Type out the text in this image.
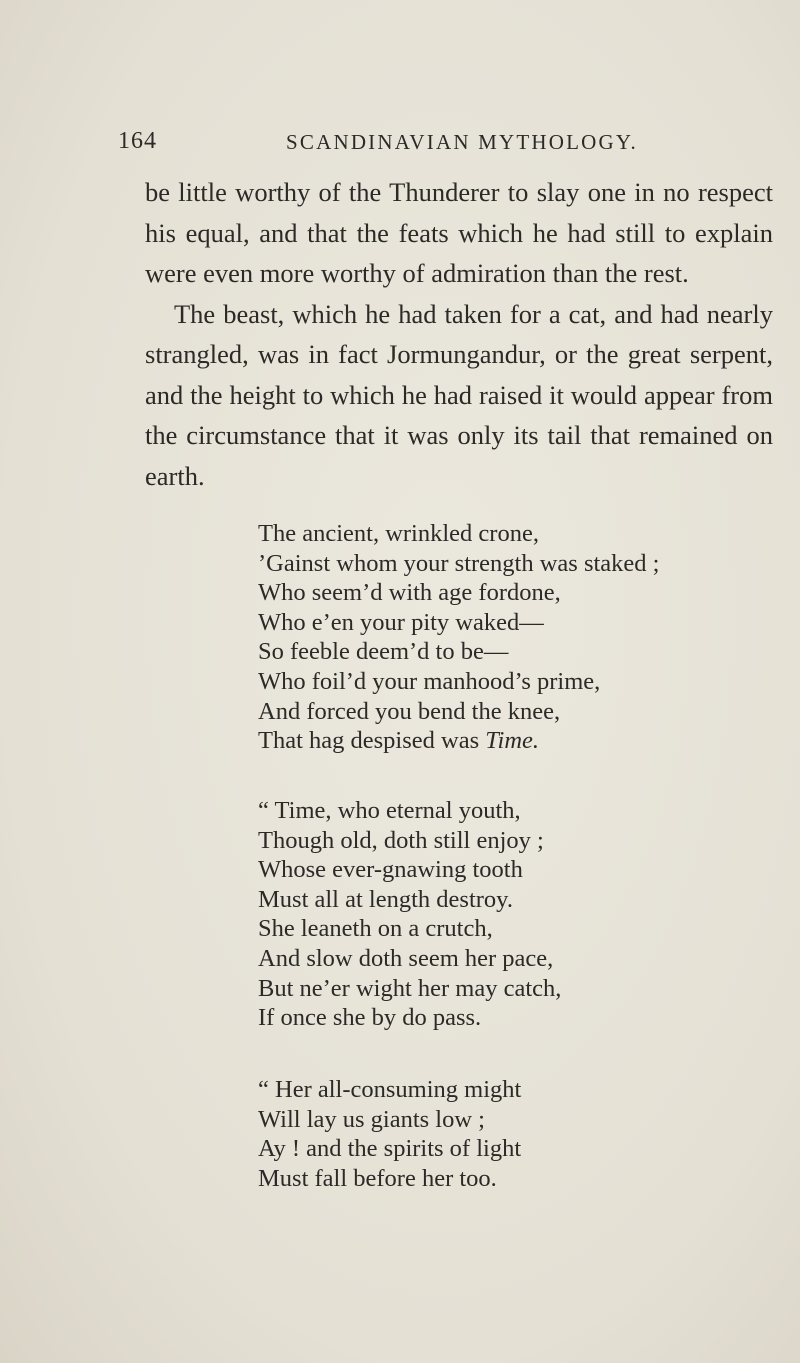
164	SCANDINAVIAN MYTHOLOGY.

be little worthy of the Thunderer to slay one in no respect his equal, and that the feats which he had still to explain were even more worthy of admiration than the rest.

The beast, which he had taken for a cat, and had nearly strangled, was in fact Jormungandur, or the great serpent, and the height to which he had raised it would appear from the circumstance that it was only its tail that remained on earth.

The ancient, wrinkled crone,
’Gainst whom your strength was staked ;
Who seem’d with age fordone,
Who e’en your pity waked—
So feeble deem’d to be—
Who foil’d your manhood’s prime,
And forced you bend the knee,
That hag despised was Time.
“ Time, who eternal youth,
Though old, doth still enjoy ;
Whose ever-gnawing tooth
Must all at length destroy.
She leaneth on a crutch,
And slow doth seem her pace,
But ne’er wight her may catch,
If once she by do pass.
“ Her all-consuming might
Will lay us giants low ;
Ay ! and the spirits of light
Must fall before her too.
